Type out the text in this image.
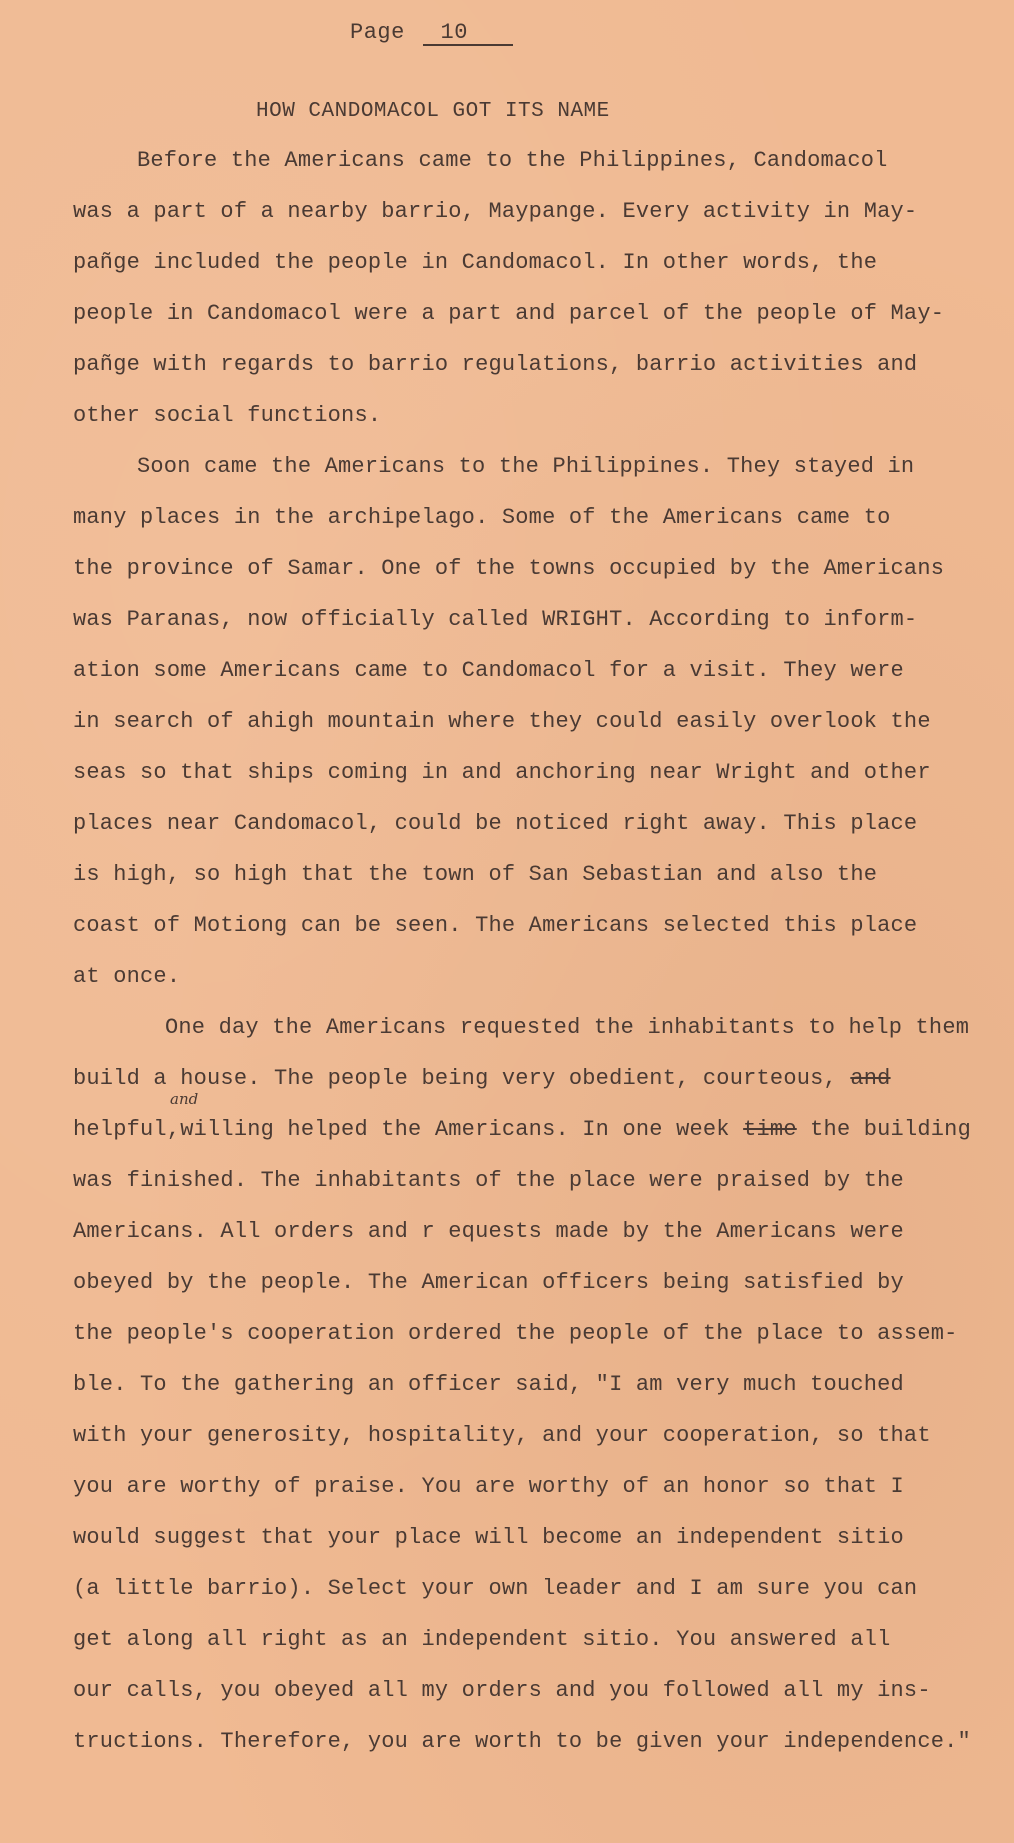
Page 10
HOW CANDOMACOL GOT ITS NAME
Before the Americans came to the Philippines, Candomacol
was a part of a nearby barrio, Maypange. Every activity in May-
pañge included the people in Candomacol. In other words, the
people in Candomacol were a part and parcel of the people of May-
pañge with regards to barrio regulations, barrio activities and
other social functions.
Soon came the Americans to the Philippines. They stayed in
many places in the archipelago. Some of the Americans came to
the province of Samar. One of the towns occupied by the Americans
was Paranas, now officially called WRIGHT. According to inform-
ation some Americans came to Candomacol for a visit. They were
in search of ahigh mountain where they could easily overlook the
seas so that ships coming in and anchoring near Wright and other
places near Candomacol, could be noticed right away. This place
is high, so high that the town of San Sebastian and also the
coast of Motiong can be seen. The Americans selected this place
at once.
One day the Americans requested the inhabitants to help them
build a house. The people being very obedient, courteous, and
and
helpful,willing helped the Americans. In one week time the building
was finished. The inhabitants of the place were praised by the
Americans. All orders and r equests made by the Americans were
obeyed by the people. The American officers being satisfied by
the people's cooperation ordered the people of the place to assem-
ble. To the gathering an officer said, "I am very much touched
with your generosity, hospitality, and your cooperation, so that
you are worthy of praise. You are worthy of an honor so that I
would suggest that your place will become an independent sitio
(a little barrio). Select your own leader and I am sure you can
get along all right as an independent sitio. You answered all
our calls, you obeyed all my orders and you followed all my ins-
tructions. Therefore, you are worth to be given your independence."
